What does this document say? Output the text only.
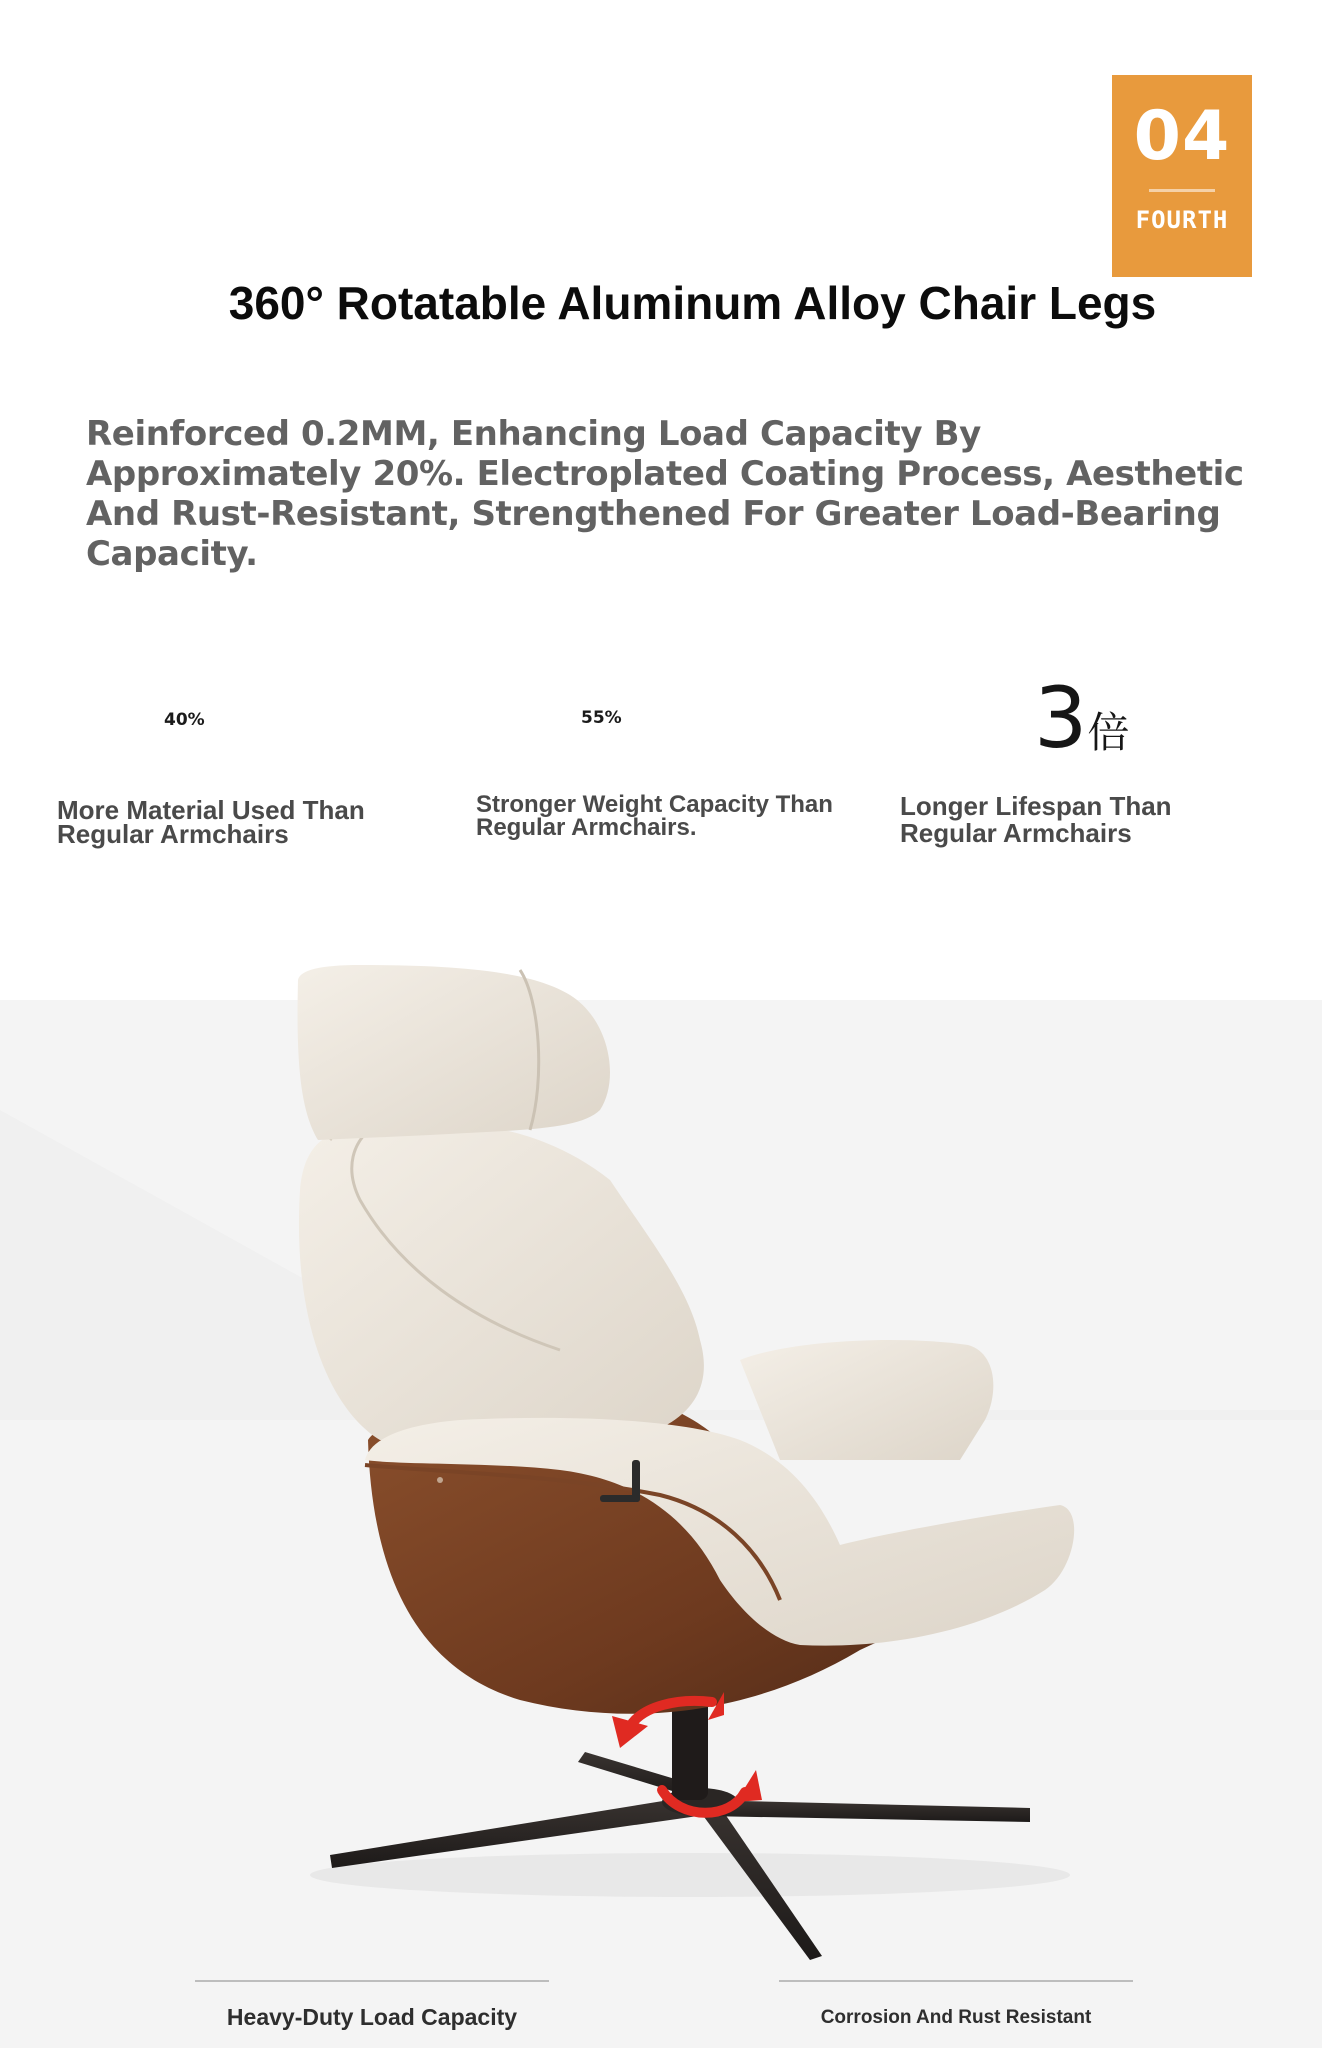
04
FOURTH
360° Rotatable Aluminum Alloy Chair Legs

Reinforced 0.2MM, Enhancing Load Capacity By Approximately 20%. Electroplated Coating Process, Aesthetic And Rust-Resistant, Strengthened For Greater Load-Bearing Capacity.

40%	55%	3倍

More Material Used Than Regular Armchairs

Stronger Weight Capacity Than Regular Armchairs.

Longer Lifespan Than Regular Armchairs

Heavy-Duty Load Capacity	Corrosion And Rust Resistant
